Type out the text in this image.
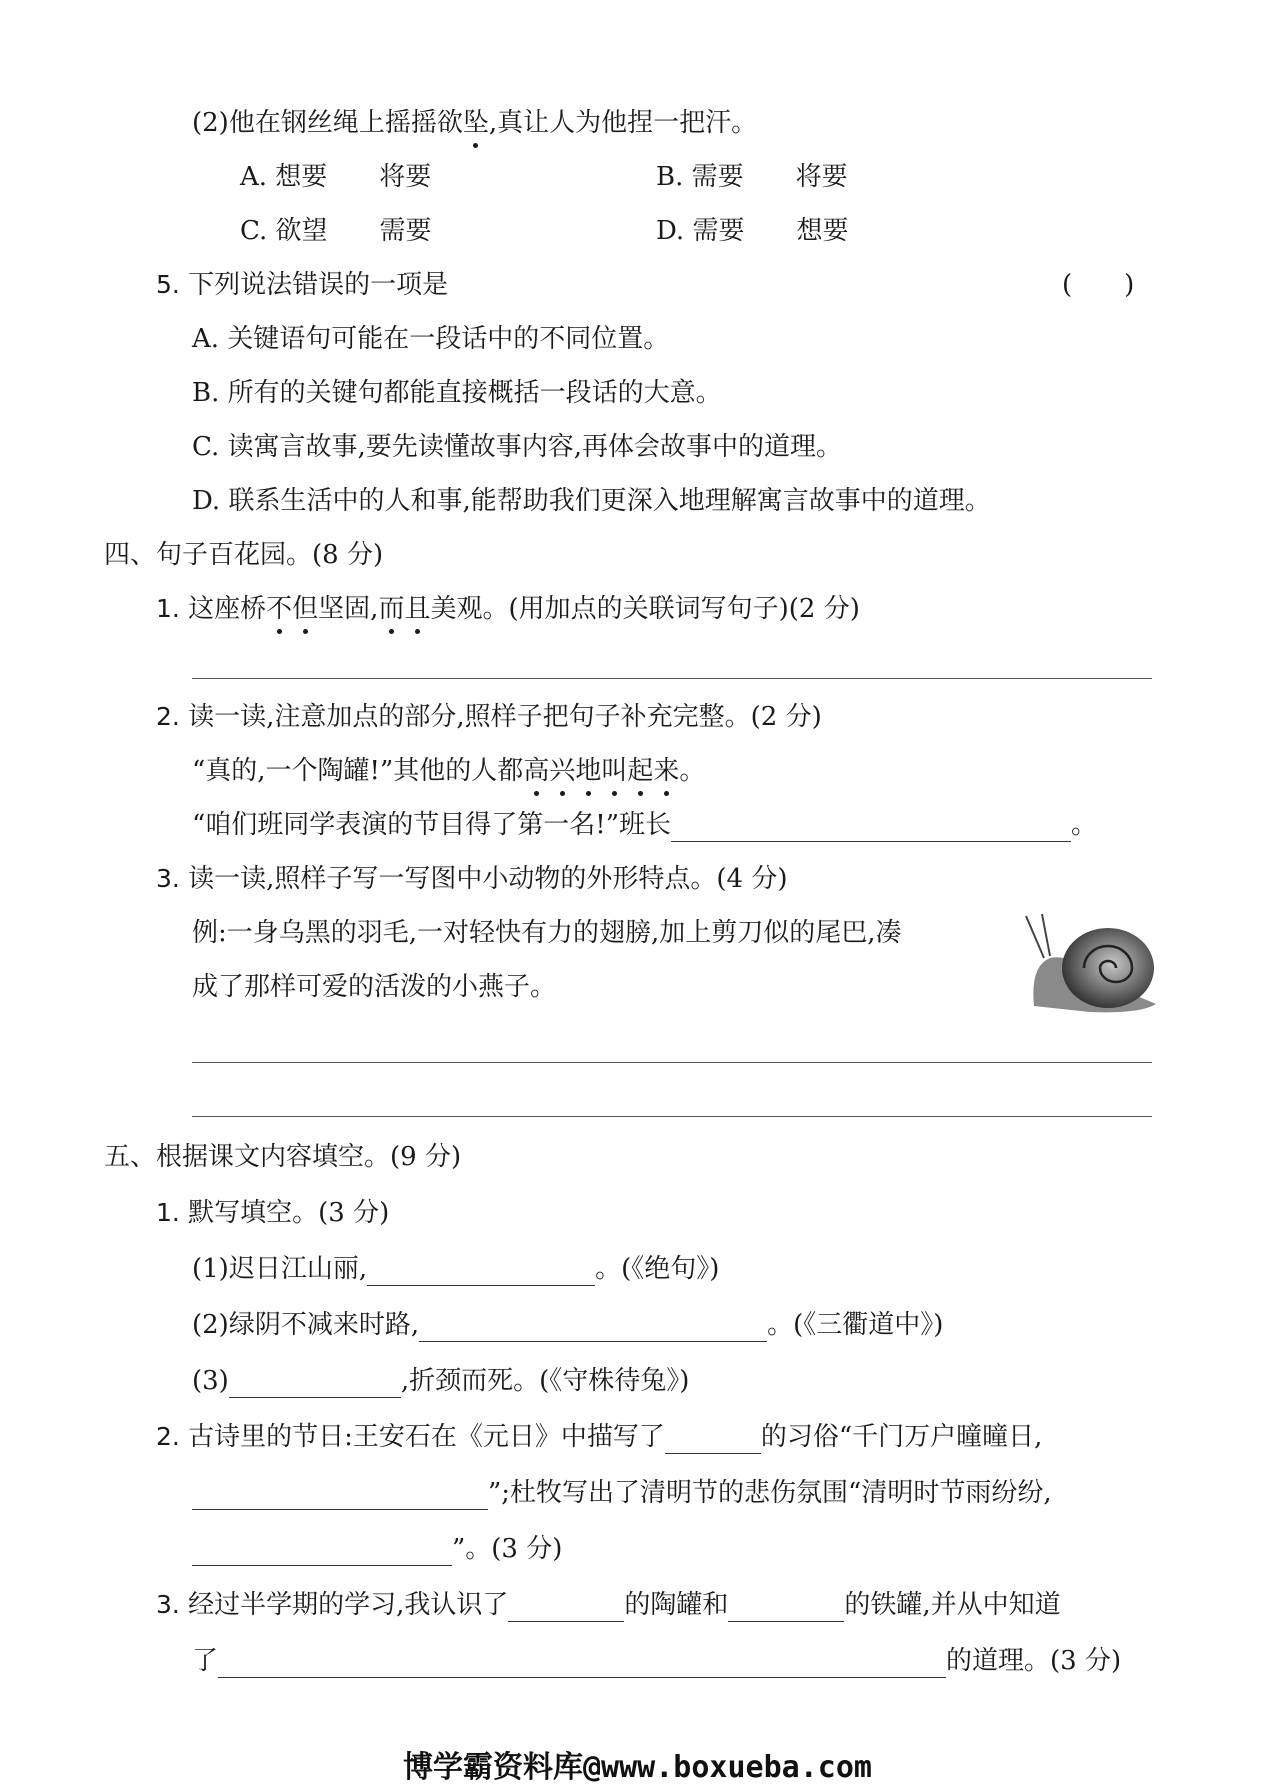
(2)他在钢丝绳上摇摇欲坠,真让人为他捏一把汗。
A. 想要　　将要	B. 需要　　将要
C. 欲望　　需要	D. 需要　　想要
5. 下列说法错误的一项是	(　　)
A. 关键语句可能在一段话中的不同位置。
B. 所有的关键句都能直接概括一段话的大意。
C. 读寓言故事,要先读懂故事内容,再体会故事中的道理。
D. 联系生活中的人和事,能帮助我们更深入地理解寓言故事中的道理。
四、句子百花园。(8 分)
1. 这座桥不但坚固,而且美观。(用加点的关联词写句子)(2 分)
2. 读一读,注意加点的部分,照样子把句子补充完整。(2 分)
“真的,一个陶罐!”其他的人都高兴地叫起来。
“咱们班同学表演的节目得了第一名!”班长	。
3. 读一读,照样子写一写图中小动物的外形特点。(4 分)
例:一身乌黑的羽毛,一对轻快有力的翅膀,加上剪刀似的尾巴,凑
成了那样可爱的活泼的小燕子。
五、根据课文内容填空。(9 分)
1. 默写填空。(3 分)
(1)迟日江山丽,	。(《绝句》)
(2)绿阴不减来时路,	。(《三衢道中》)
(3)	,折颈而死。(《守株待兔》)
2. 古诗里的节日:王安石在《元日》中描写了	的习俗“千门万户曈曈日,
”;杜牧写出了清明节的悲伤氛围“清明时节雨纷纷,
”。(3 分)
3. 经过半学期的学习,我认识了	的陶罐和	的铁罐,并从中知道
了	的道理。(3 分)
博学霸资料库@www.boxueba.com
